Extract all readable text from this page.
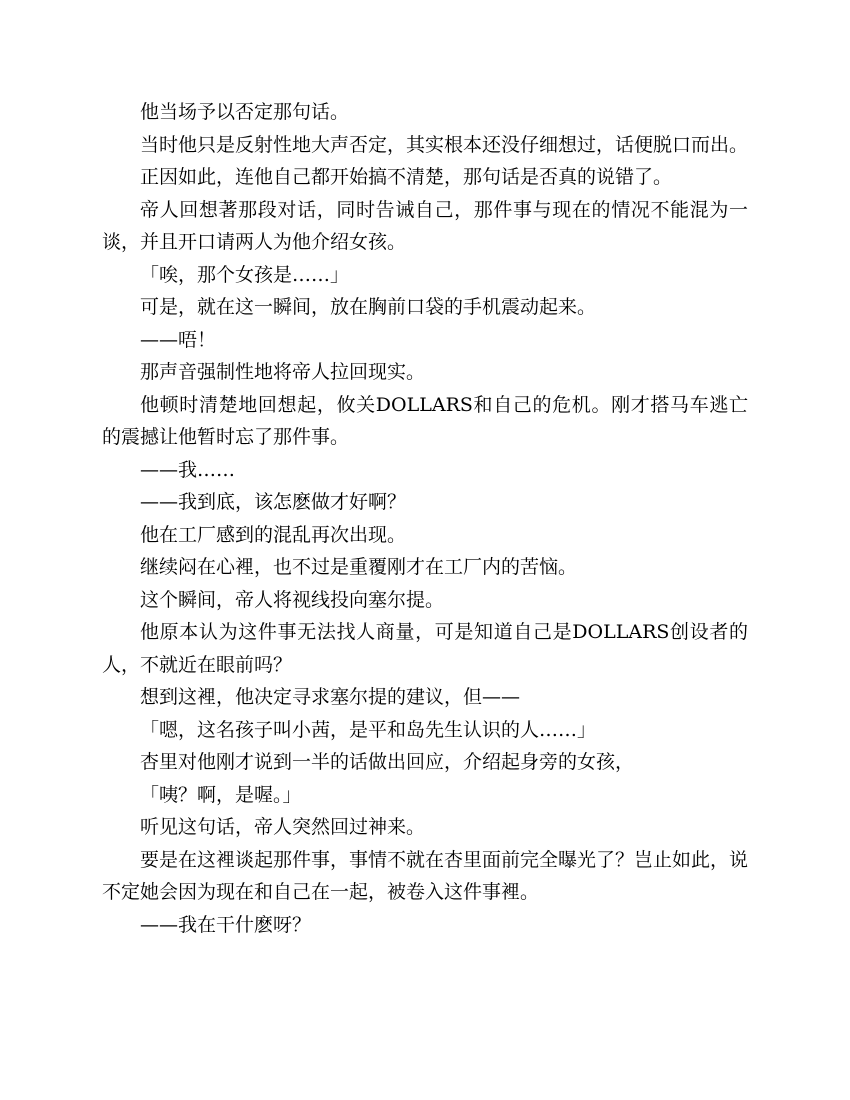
他当场予以否定那句话。

当时他只是反射性地大声否定，其实根本还没仔细想过，话便脱口而出。

正因如此，连他自己都开始搞不清楚，那句话是否真的说错了。

帝人回想著那段对话，同时告诫自己，那件事与现在的情况不能混为一谈，并且开口请两人为他介绍女孩。

「唉，那个女孩是……」

可是，就在这一瞬间，放在胸前口袋的手机震动起来。

——唔！

那声音强制性地将帝人拉回现实。

他顿时清楚地回想起，攸关DOLLARS和自己的危机。刚才搭马车逃亡的震撼让他暂时忘了那件事。

——我……

——我到底，该怎麽做才好啊？

他在工厂感到的混乱再次出现。

继续闷在心裡，也不过是重覆刚才在工厂内的苦恼。

这个瞬间，帝人将视线投向塞尔提。

他原本认为这件事无法找人商量，可是知道自己是DOLLARS创设者的人，不就近在眼前吗？

想到这裡，他决定寻求塞尔提的建议，但——

「嗯，这名孩子叫小茜，是平和岛先生认识的人……」

杏里对他刚才说到一半的话做出回应，介绍起身旁的女孩，

「咦？啊，是喔。」

听见这句话，帝人突然回过神来。

要是在这裡谈起那件事，事情不就在杏里面前完全曝光了？岂止如此，说不定她会因为现在和自己在一起，被卷入这件事裡。

——我在干什麽呀？
